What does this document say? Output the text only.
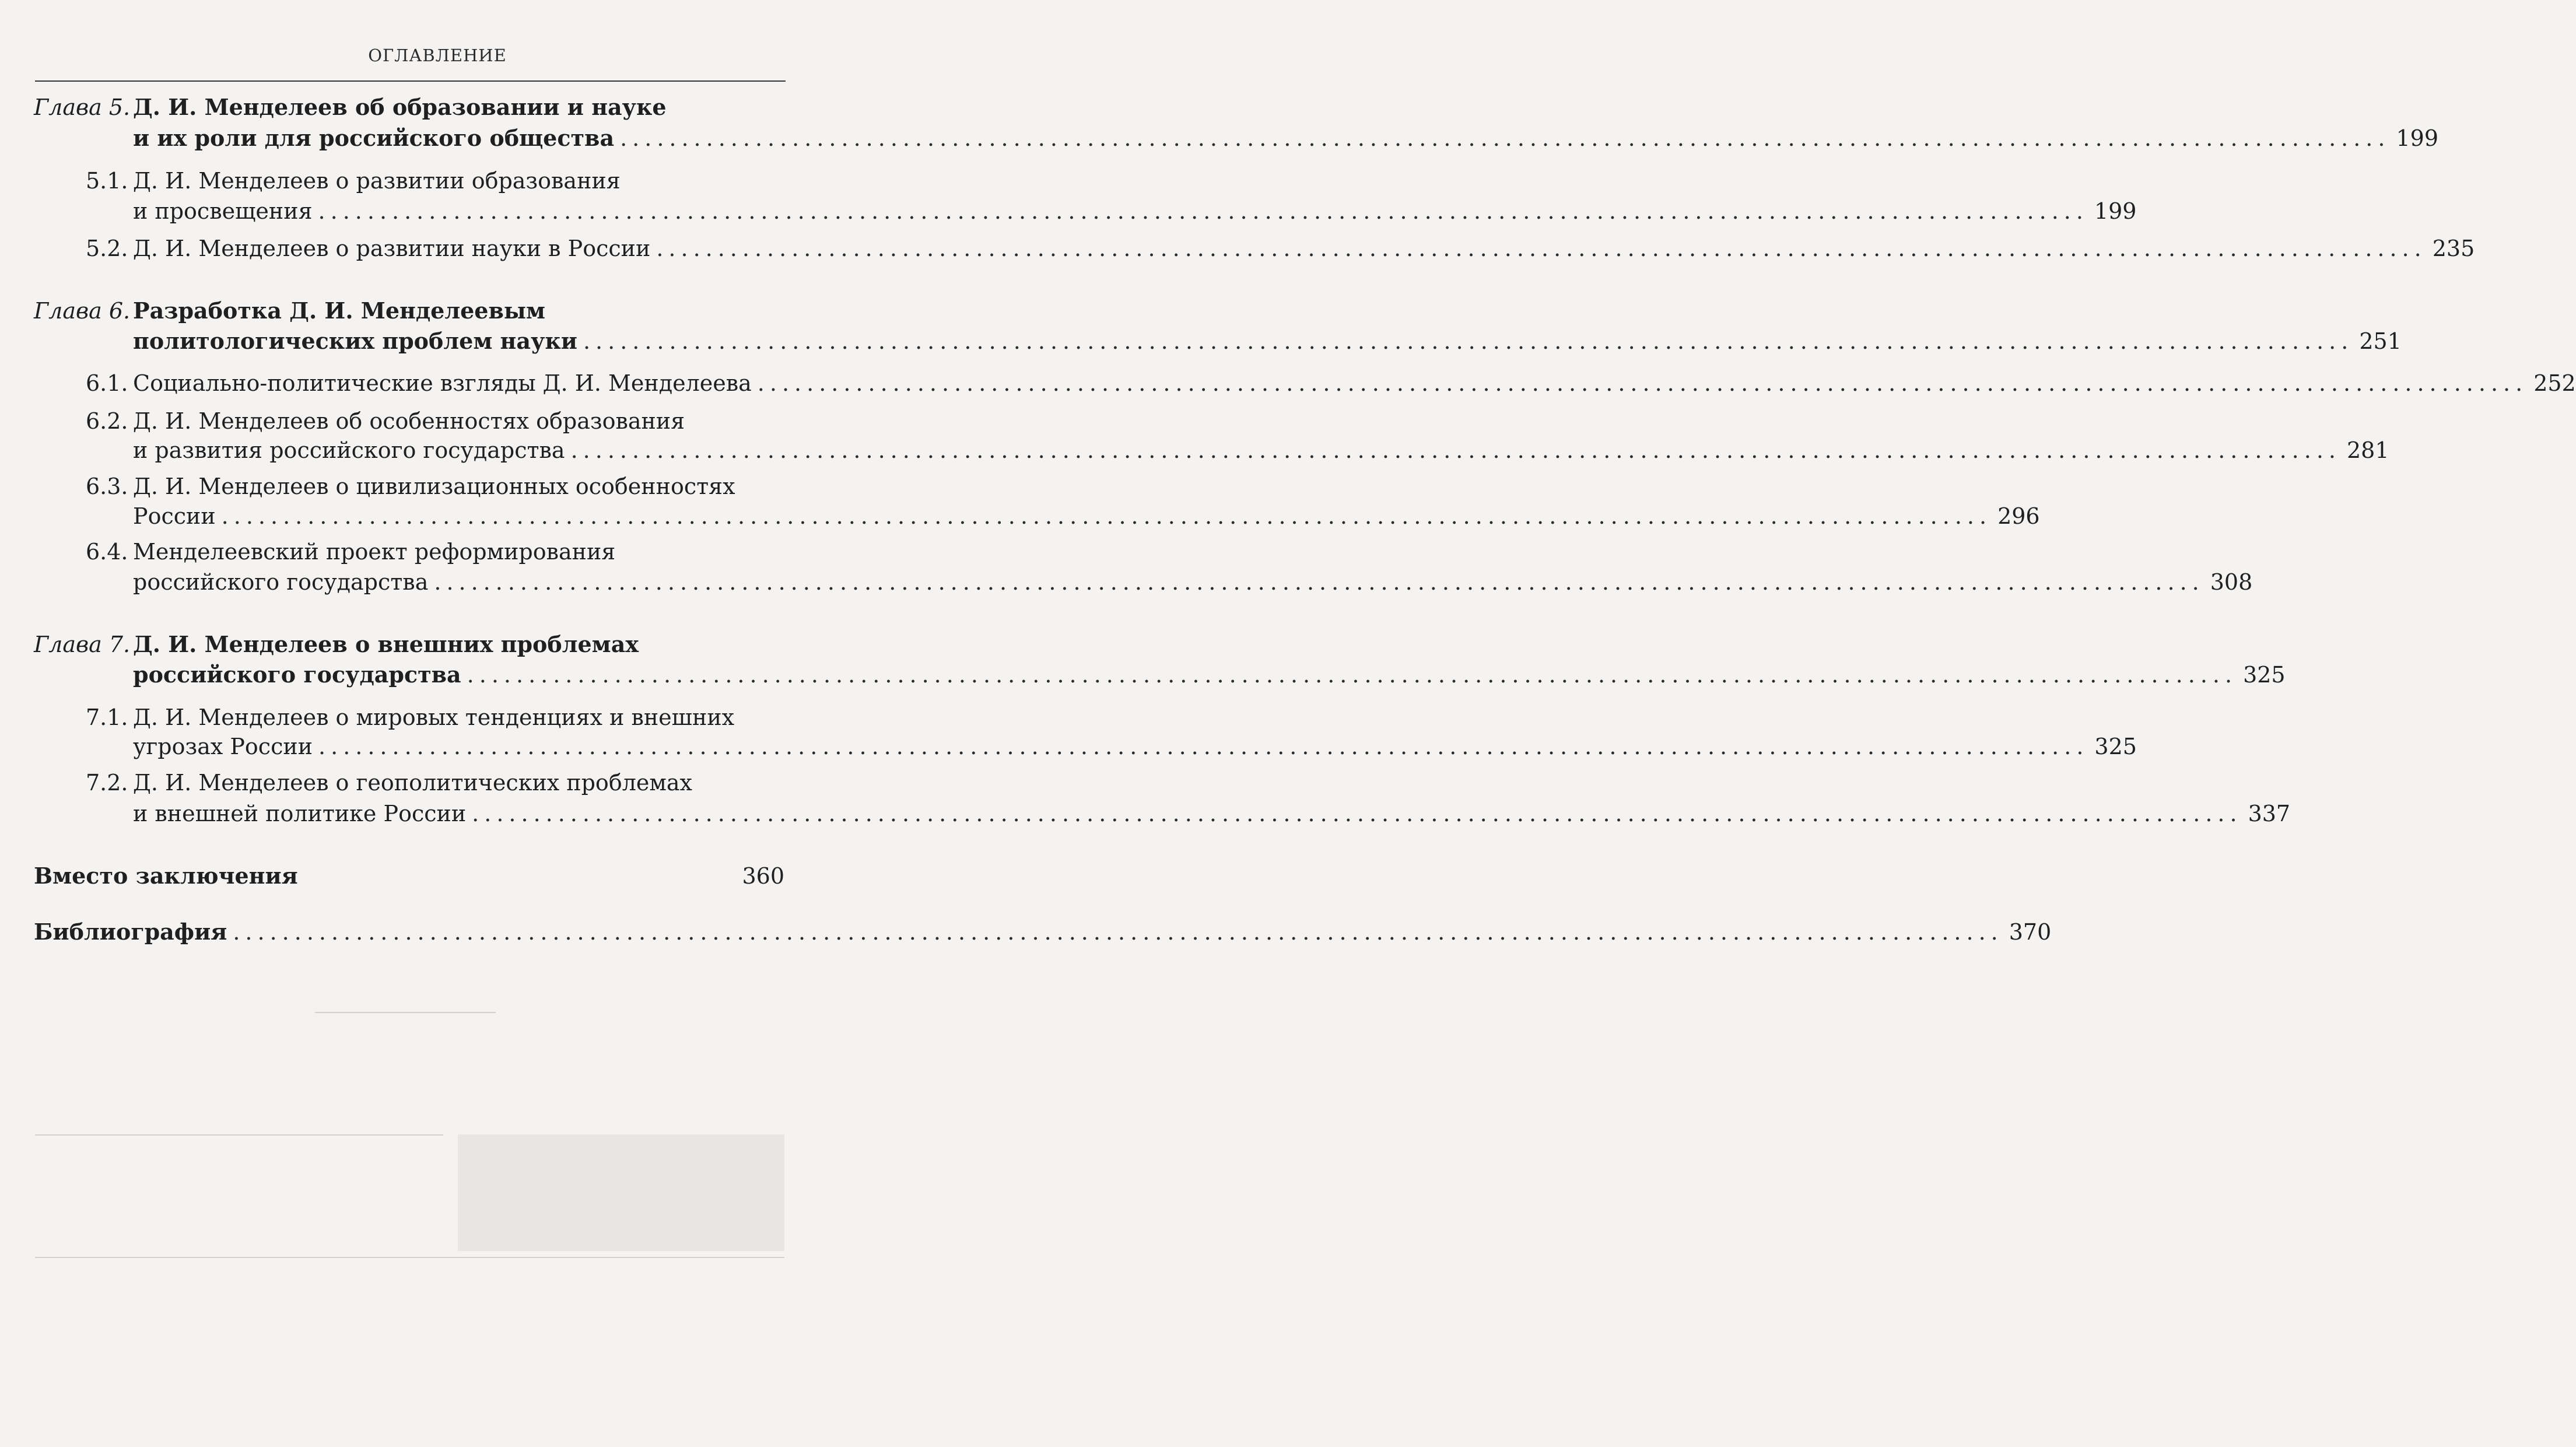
ОГЛАВЛЕНИЕ

Глава 5. Д. И. Менделеев об образовании и науке
и их роли для российского общества ................................................................................................................................................ 199
5.1. Д. И. Менделеев о развитии образования
и просвещения ................................................................................................................................................ 199
5.2. Д. И. Менделеев о развитии науки в России ................................................................................................................................................ 235
Глава 6. Разработка Д. И. Менделеевым
политологических проблем науки ................................................................................................................................................ 251
6.1. Социально-политические взгляды Д. И. Менделеева ................................................................................................................................................ 252
6.2. Д. И. Менделеев об особенностях образования
и развития российского государства ................................................................................................................................................ 281
6.3. Д. И. Менделеев о цивилизационных особенностях
России ................................................................................................................................................ 296
6.4. Менделеевский проект реформирования
российского государства ................................................................................................................................................ 308
Глава 7. Д. И. Менделеев о внешних проблемах
российского государства ................................................................................................................................................ 325
7.1. Д. И. Менделеев о мировых тенденциях и внешних
угрозах России ................................................................................................................................................ 325
7.2. Д. И. Менделеев о геополитических проблемах
и внешней политике России ................................................................................................................................................ 337
Вместо заключения	360
Библиография ................................................................................................................................................ 370
